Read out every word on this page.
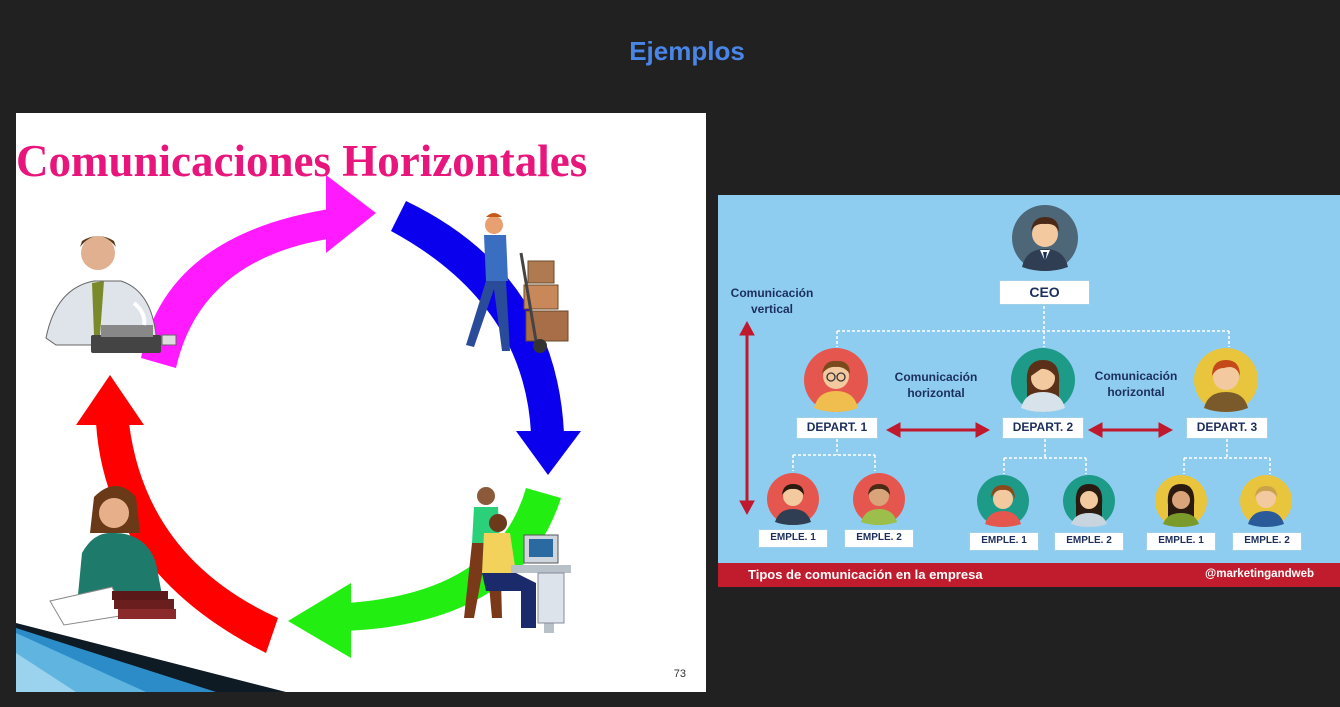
Ejemplos
Comunicaciones Horizontales
73
CEO
DEPART. 1	DEPART. 2	DEPART. 3
EMPLE. 1	EMPLE. 2	EMPLE. 1	EMPLE. 2	EMPLE. 1	EMPLE. 2
Comunicación vertical
Comunicación horizontal
Comunicación horizontal
Tipos de comunicación en la empresa	@marketingandweb
